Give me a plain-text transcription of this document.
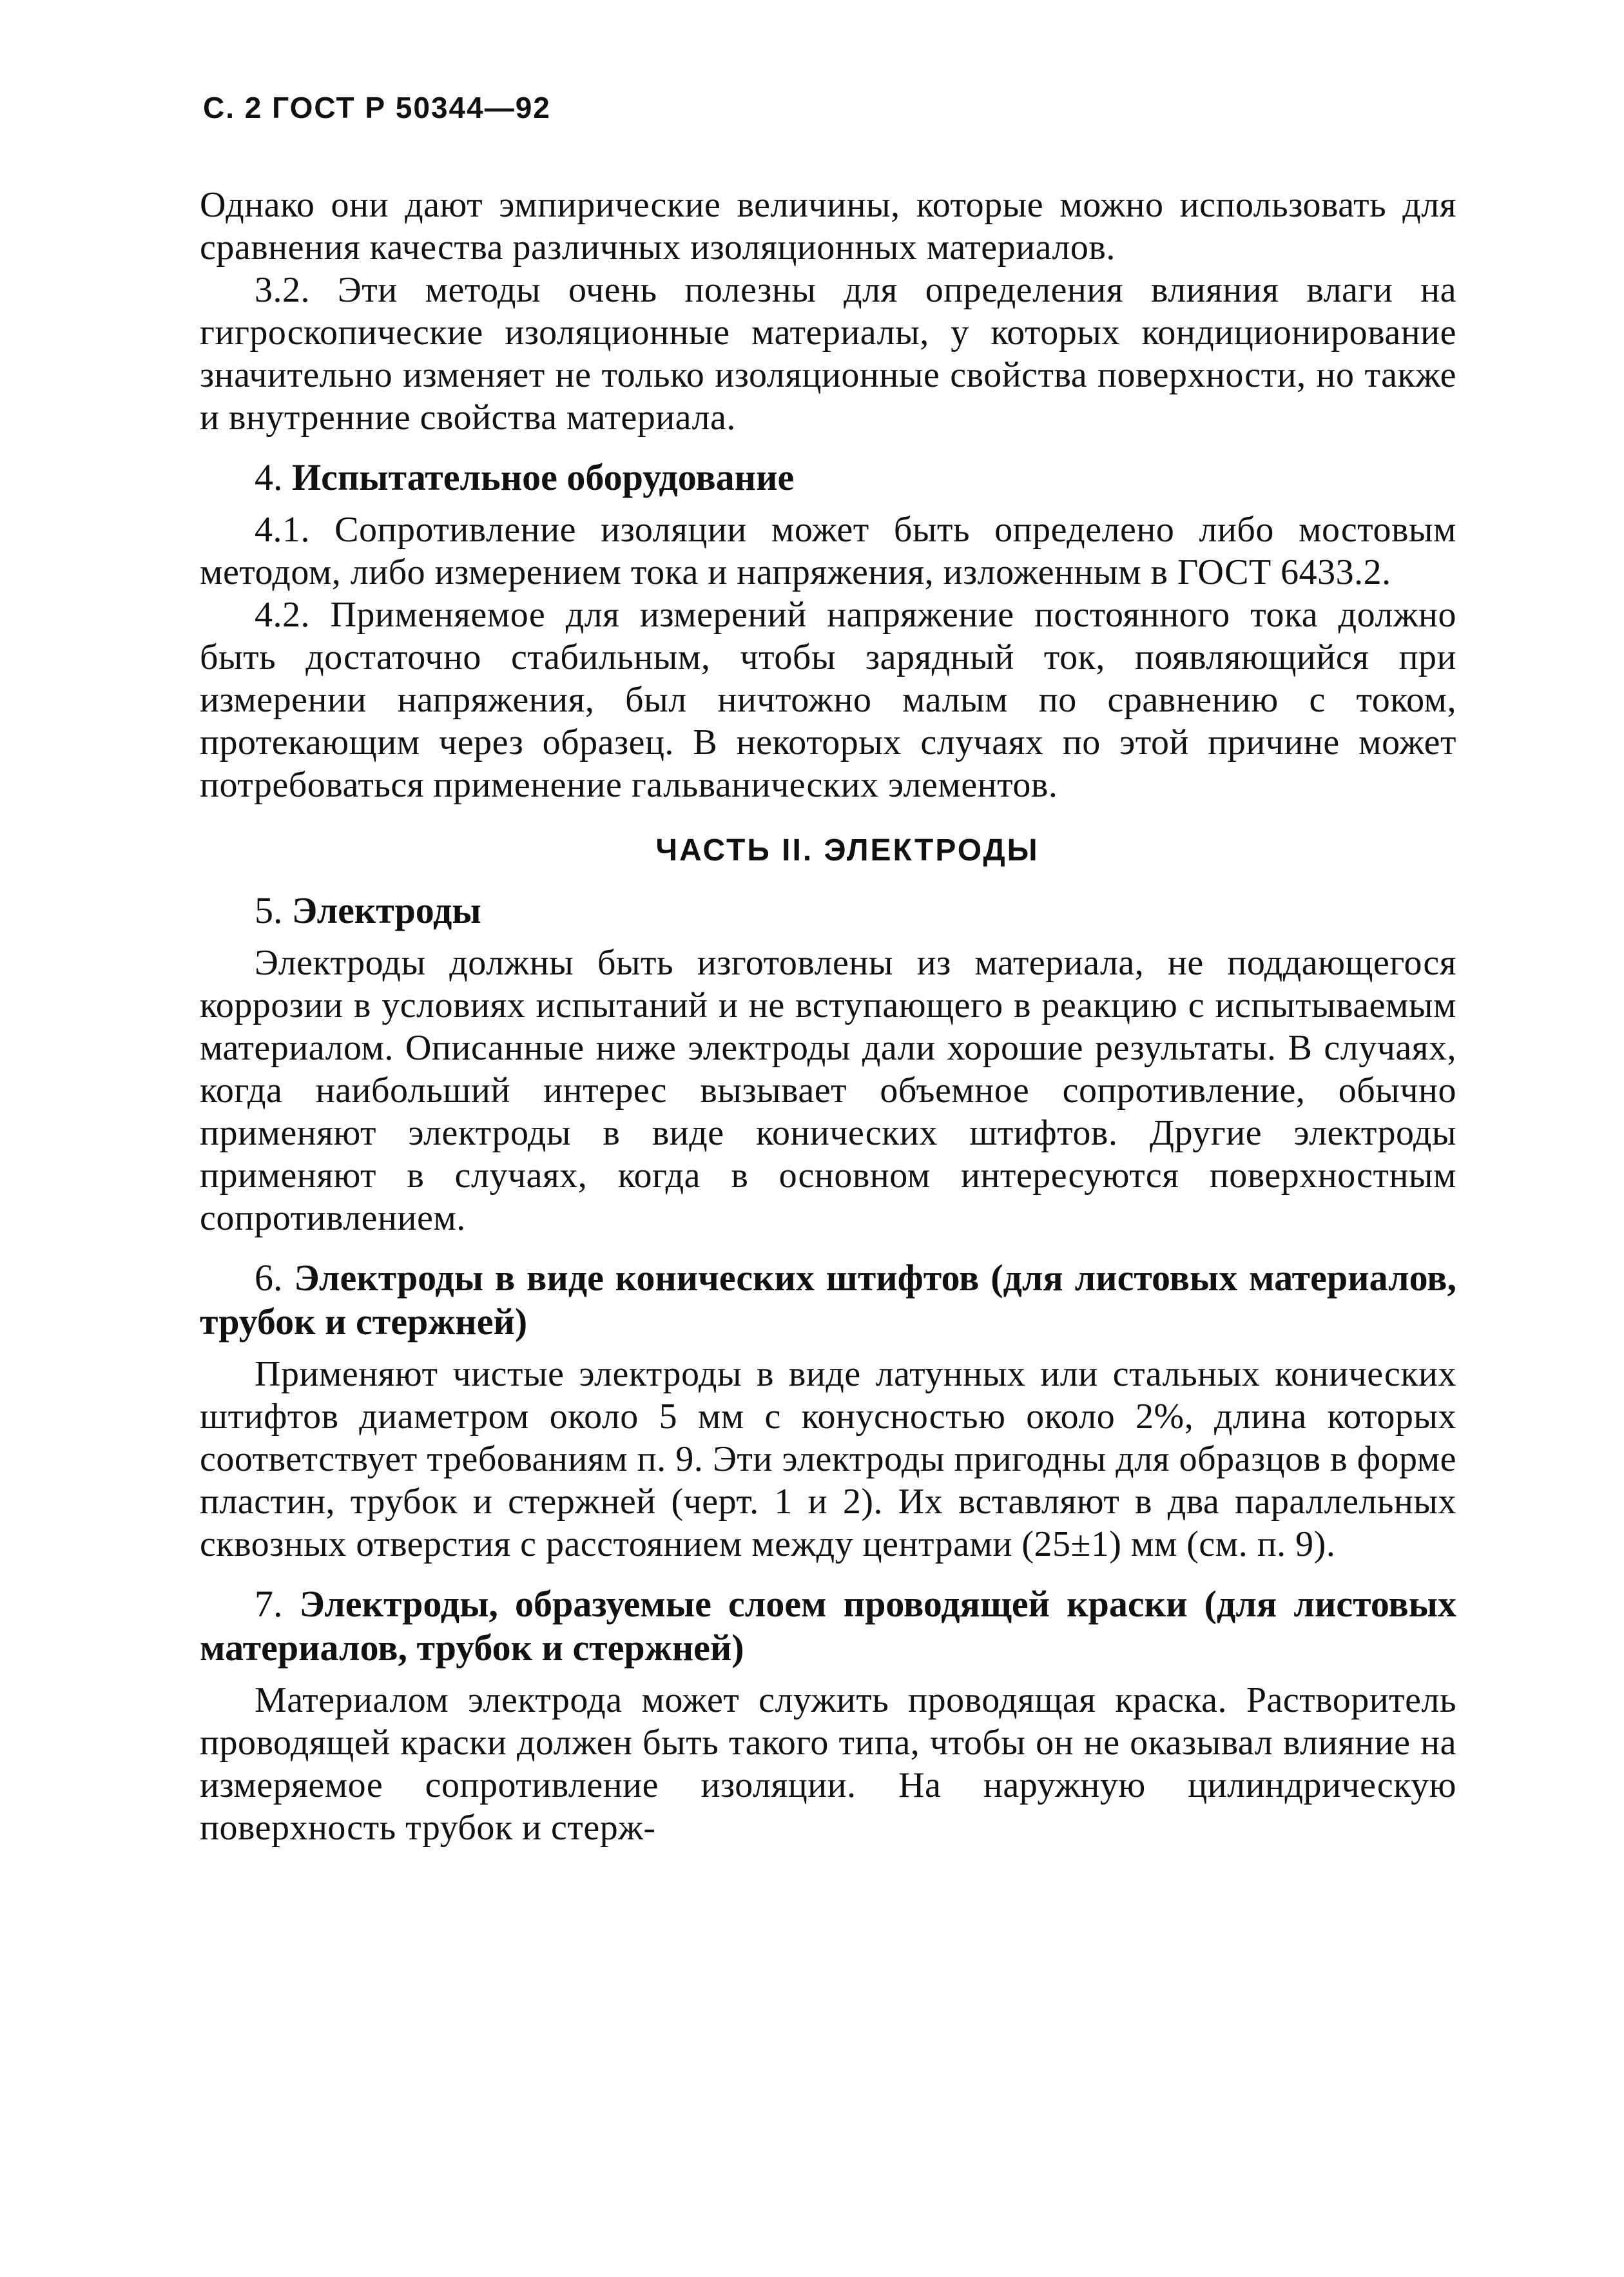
С. 2 ГОСТ Р 50344—92

Однако они дают эмпирические величины, которые можно использовать для сравнения качества различных изоляционных материалов.

3.2. Эти методы очень полезны для определения влияния влаги на гигроскопические изоляционные материалы, у которых кондиционирование значительно изменяет не только изоляционные свойства поверхности, но также и внутренние свойства материала.

4. Испытательное оборудование

4.1. Сопротивление изоляции может быть определено либо мостовым методом, либо измерением тока и напряжения, изложенным в ГОСТ 6433.2.

4.2. Применяемое для измерений напряжение постоянного тока должно быть достаточно стабильным, чтобы зарядный ток, появляющийся при измерении напряжения, был ничтожно малым по сравнению с током, протекающим через образец. В некоторых случаях по этой причине может потребоваться применение гальванических элементов.

ЧАСТЬ II. ЭЛЕКТРОДЫ
5. Электроды

Электроды должны быть изготовлены из материала, не поддающегося коррозии в условиях испытаний и не вступающего в реакцию с испытываемым материалом. Описанные ниже электроды дали хорошие результаты. В случаях, когда наибольший интерес вызывает объемное сопротивление, обычно применяют электроды в виде конических штифтов. Другие электроды применяют в случаях, когда в основном интересуются поверхностным сопротивлением.

6. Электроды в виде конических штифтов (для листовых материалов, трубок и стержней)

Применяют чистые электроды в виде латунных или стальных конических штифтов диаметром около 5 мм с конусностью около 2%, длина которых соответствует требованиям п. 9. Эти электроды пригодны для образцов в форме пластин, трубок и стержней (черт. 1 и 2). Их вставляют в два параллельных сквозных отверстия с расстоянием между центрами (25±1) мм (см. п. 9).

7. Электроды, образуемые слоем проводящей краски (для листовых материалов, трубок и стержней)

Материалом электрода может служить проводящая краска. Растворитель проводящей краски должен быть такого типа, чтобы он не оказывал влияние на измеряемое сопротивление изоляции. На наружную цилиндрическую поверхность трубок и стерж-
